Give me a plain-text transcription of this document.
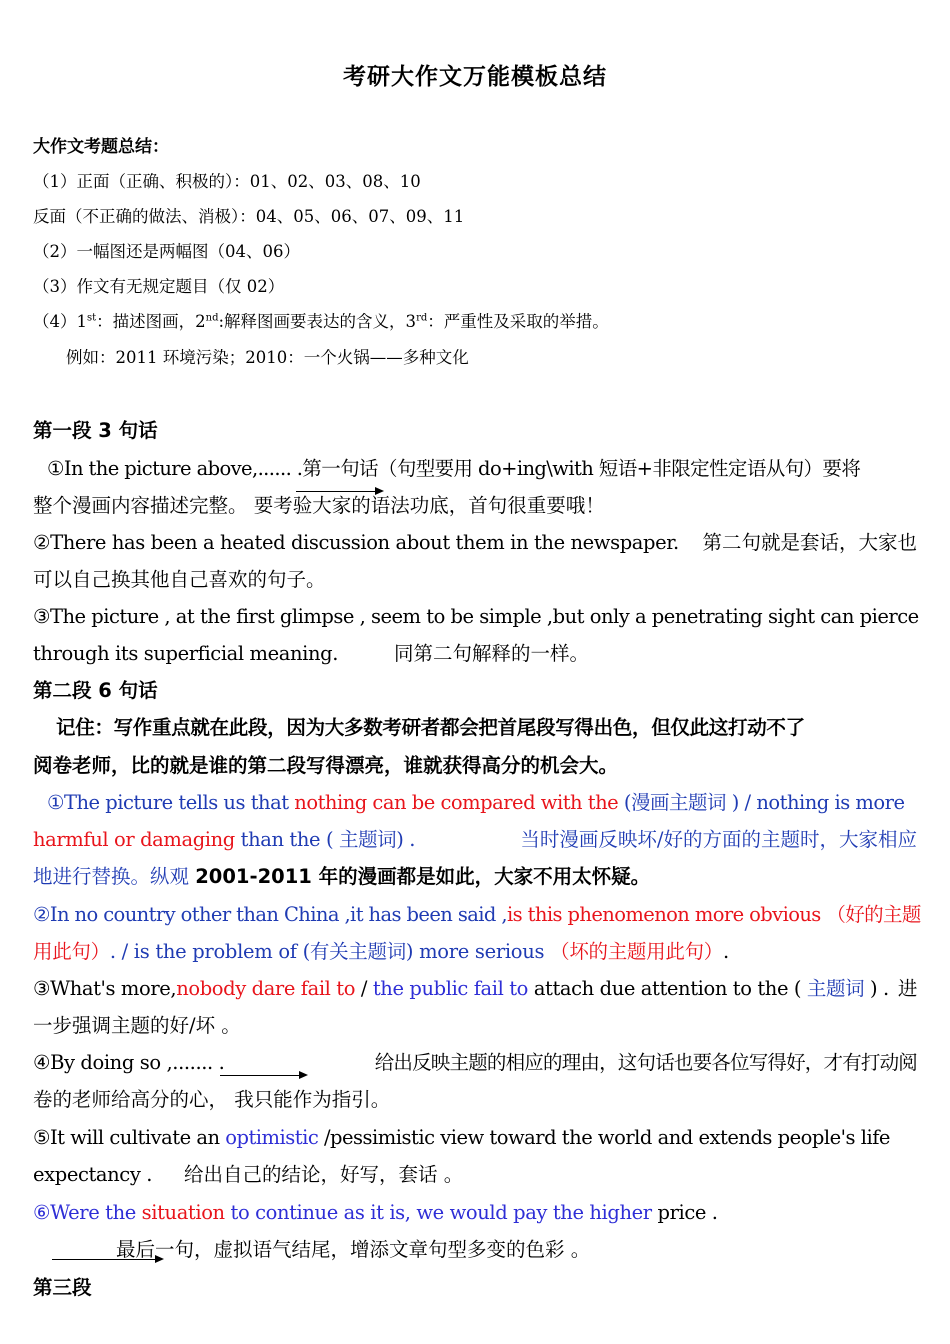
考研大作文万能模板总结
大作文考题总结：
（1）正面（正确、积极的）：01、02、03、08、10
反面（不正确的做法、消极）：04、05、06、07、09、11
（2）一幅图还是两幅图（04、06）
（3）作文有无规定题目（仅 02）
（4）1st：描述图画，2nd:解释图画要表达的含义，3rd：严重性及采取的举措。
例如：2011 环境污染；2010：一个火锅——多种文化
第一段 3 句话
①In the picture above,...... .第一句话（句型要用 do+ing\with 短语+非限定性定语从句）要将
整个漫画内容描述完整。 要考验大家的语法功底，首句很重要哦！
②There has been a heated discussion about them in the newspaper. 第二句就是套话，大家也
可以自己换其他自己喜欢的句子。
③The picture , at the first glimpse , seem to be simple ,but only a penetrating sight can pierce
through its superficial meaning.	同第二句解释的一样。
第二段 6 句话
记住：写作重点就在此段，因为大多数考研者都会把首尾段写得出色，但仅此这打动不了
阅卷老师，比的就是谁的第二段写得漂亮，谁就获得高分的机会大。
①The picture tells us that nothing can be compared with the (漫画主题词 ) / nothing is more
harmful or damaging than the ( 主题词) .	当时漫画反映坏/好的方面的主题时，大家相应
地进行替换。纵观 2001-2011 年的漫画都是如此，大家不用太怀疑。
②In no country other than China ,it has been said ,is this phenomenon more obvious （好的主题
用此句）. / is the problem of (有关主题词) more serious （坏的主题用此句）.
③What's more,nobody dare fail to / the public fail to attach due attention to the ( 主题词 ) . 进
一步强调主题的好/坏 。
④By doing so ,....... .	给出反映主题的相应的理由，这句话也要各位写得好，才有打动阅
卷的老师给高分的心， 我只能作为指引。
⑤It will cultivate an optimistic /pessimistic view toward the world and extends people's life
expectancy . 给出自己的结论，好写，套话 。
⑥Were the situation to continue as it is, we would pay the higher price .
最后一句，虚拟语气结尾，增添文章句型多变的色彩 。
第三段
